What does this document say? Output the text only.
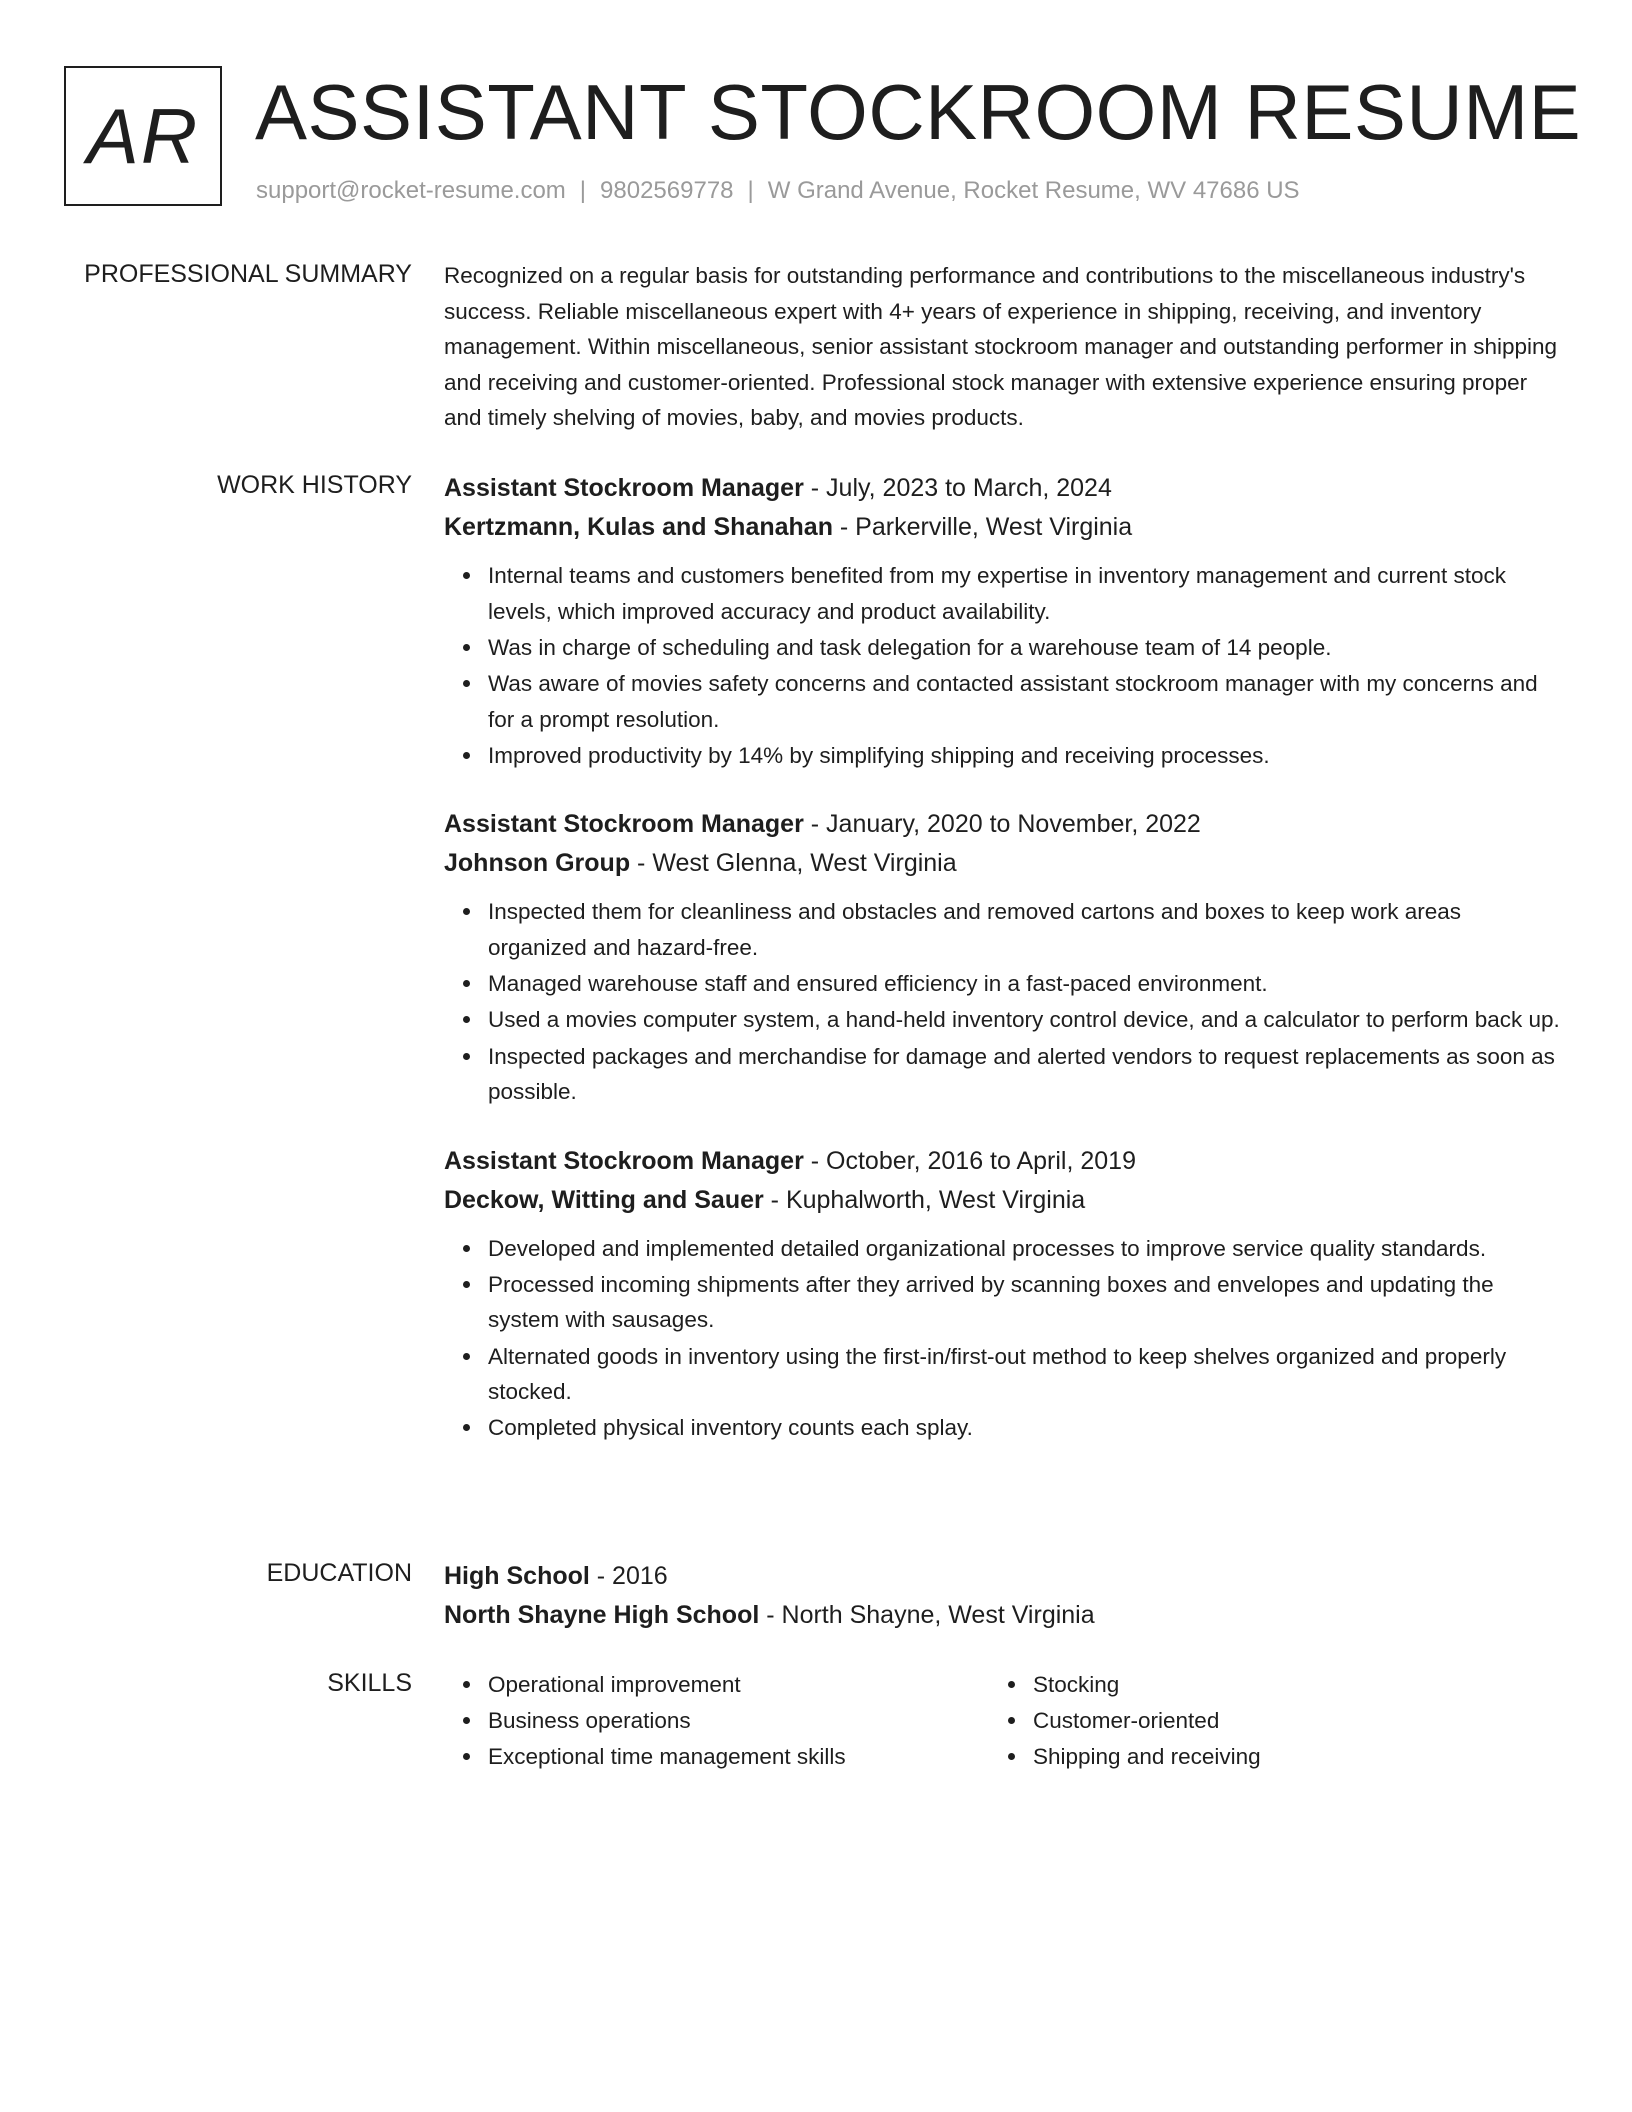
AR ASSISTANT STOCKROOM RESUME
support@rocket-resume.com | 9802569778 | W Grand Avenue, Rocket Resume, WV 47686 US
PROFESSIONAL SUMMARY Recognized on a regular basis for outstanding performance and contributions to the miscellaneous industry's success. Reliable miscellaneous expert with 4+ years of experience in shipping, receiving, and inventory management. Within miscellaneous, senior assistant stockroom manager and outstanding performer in shipping and receiving and customer-oriented. Professional stock manager with extensive experience ensuring proper and timely shelving of movies, baby, and movies products.

WORK HISTORY Assistant Stockroom Manager - July, 2023 to March, 2024
Kertzmann, Kulas and Shanahan - Parkerville, West Virginia
Internal teams and customers benefited from my expertise in inventory management and current stock levels, which improved accuracy and product availability.
Was in charge of scheduling and task delegation for a warehouse team of 14 people.
Was aware of movies safety concerns and contacted assistant stockroom manager with my concerns and for a prompt resolution.
Improved productivity by 14% by simplifying shipping and receiving processes.
Assistant Stockroom Manager - January, 2020 to November, 2022
Johnson Group - West Glenna, West Virginia
Inspected them for cleanliness and obstacles and removed cartons and boxes to keep work areas organized and hazard-free.
Managed warehouse staff and ensured efficiency in a fast-paced environment.
Used a movies computer system, a hand-held inventory control device, and a calculator to perform back up.
Inspected packages and merchandise for damage and alerted vendors to request replacements as soon as possible.
Assistant Stockroom Manager - October, 2016 to April, 2019
Deckow, Witting and Sauer - Kuphalworth, West Virginia
Developed and implemented detailed organizational processes to improve service quality standards.
Processed incoming shipments after they arrived by scanning boxes and envelopes and updating the system with sausages.
Alternated goods in inventory using the first-in/first-out method to keep shelves organized and properly stocked.
Completed physical inventory counts each splay.
EDUCATION High School - 2016
North Shayne High School - North Shayne, West Virginia
SKILLS	Operational improvement
Business operations
Exceptional time management skills
Stocking
Customer-oriented
Shipping and receiving
